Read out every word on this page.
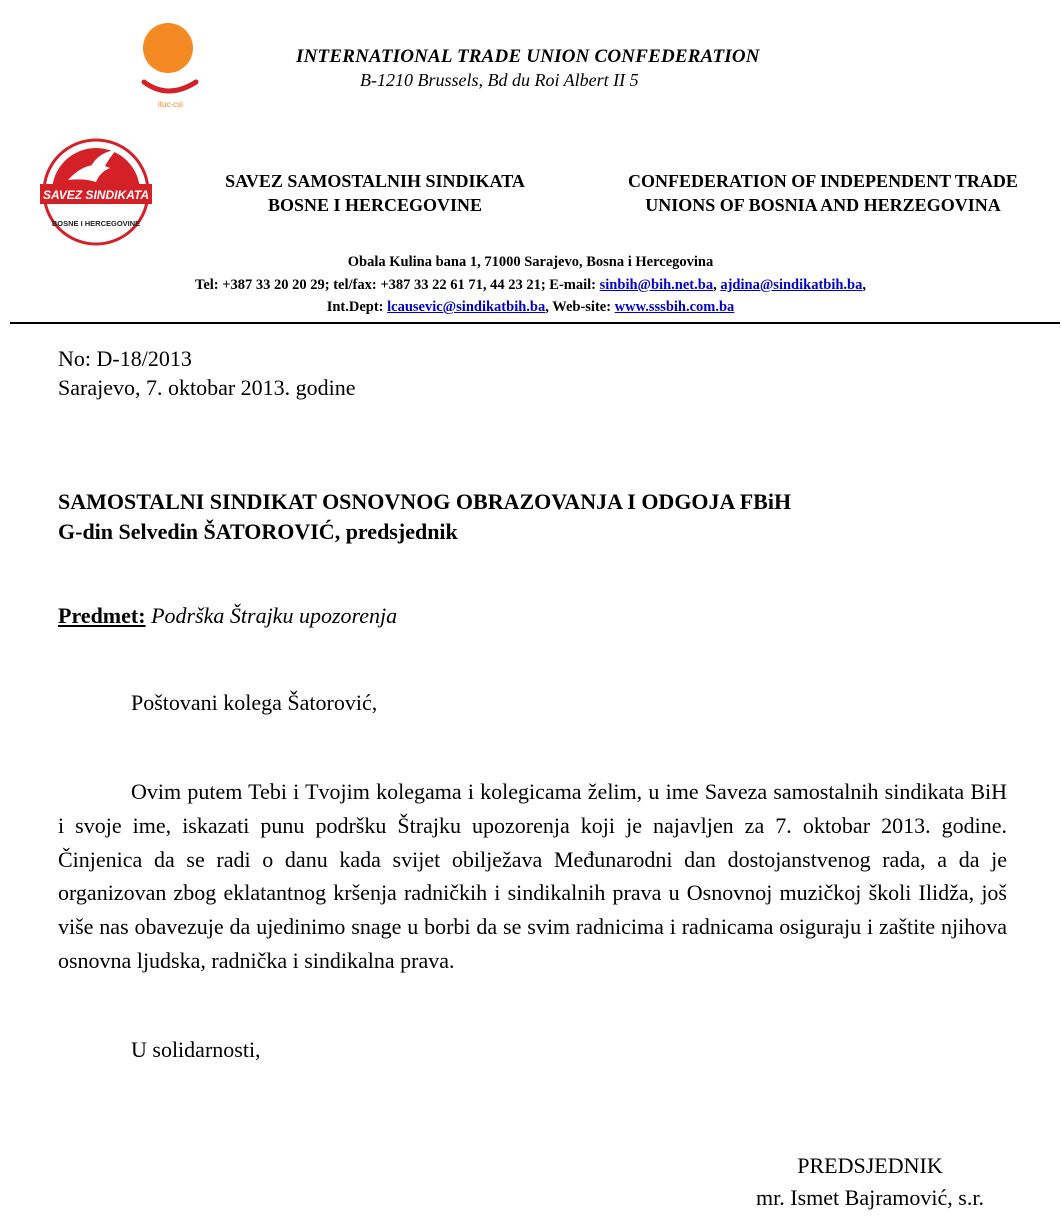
ituc-csi
INTERNATIONAL TRADE UNION CONFEDERATION
B-1210 Brussels, Bd du Roi Albert II 5
SAVEZ SINDIKATA
BOSNE I HERCEGOVINE
SAVEZ SAMOSTALNIH SINDIKATA
BOSNE I HERCEGOVINE
CONFEDERATION OF INDEPENDENT TRADE
UNIONS OF BOSNIA AND HERZEGOVINA
Obala Kulina bana 1, 71000 Sarajevo, Bosna i Hercegovina
Tel: +387 33 20 20 29; tel/fax: +387 33 22 61 71, 44 23 21; E-mail: sinbih@bih.net.ba, ajdina@sindikatbih.ba,
Int.Dept: lcausevic@sindikatbih.ba, Web-site: www.sssbih.com.ba
No: D-18/2013
Sarajevo, 7. oktobar 2013. godine
SAMOSTALNI SINDIKAT OSNOVNOG OBRAZOVANJA I ODGOJA FBiH
G-din Selvedin ŠATOROVIĆ, predsjednik
Predmet: Podrška Štrajku upozorenja
Poštovani kolega Šatorović,
Ovim putem Tebi i Tvojim kolegama i kolegicama želim, u ime Saveza samostalnih sindikata BiH i svoje ime, iskazati punu podršku Štrajku upozorenja koji je najavljen za 7. oktobar 2013. godine. Činjenica da se radi o danu kada svijet obilježava Međunarodni dan dostojanstvenog rada, a da je organizovan zbog eklatantnog kršenja radničkih i sindikalnih prava u Osnovnoj muzičkoj školi Ilidža, još više nas obavezuje da ujedinimo snage u borbi da se svim radnicima i radnicama osiguraju i zaštite njihova osnovna ljudska, radnička i sindikalna prava.
U solidarnosti,
PREDSJEDNIK
mr. Ismet Bajramović, s.r.
